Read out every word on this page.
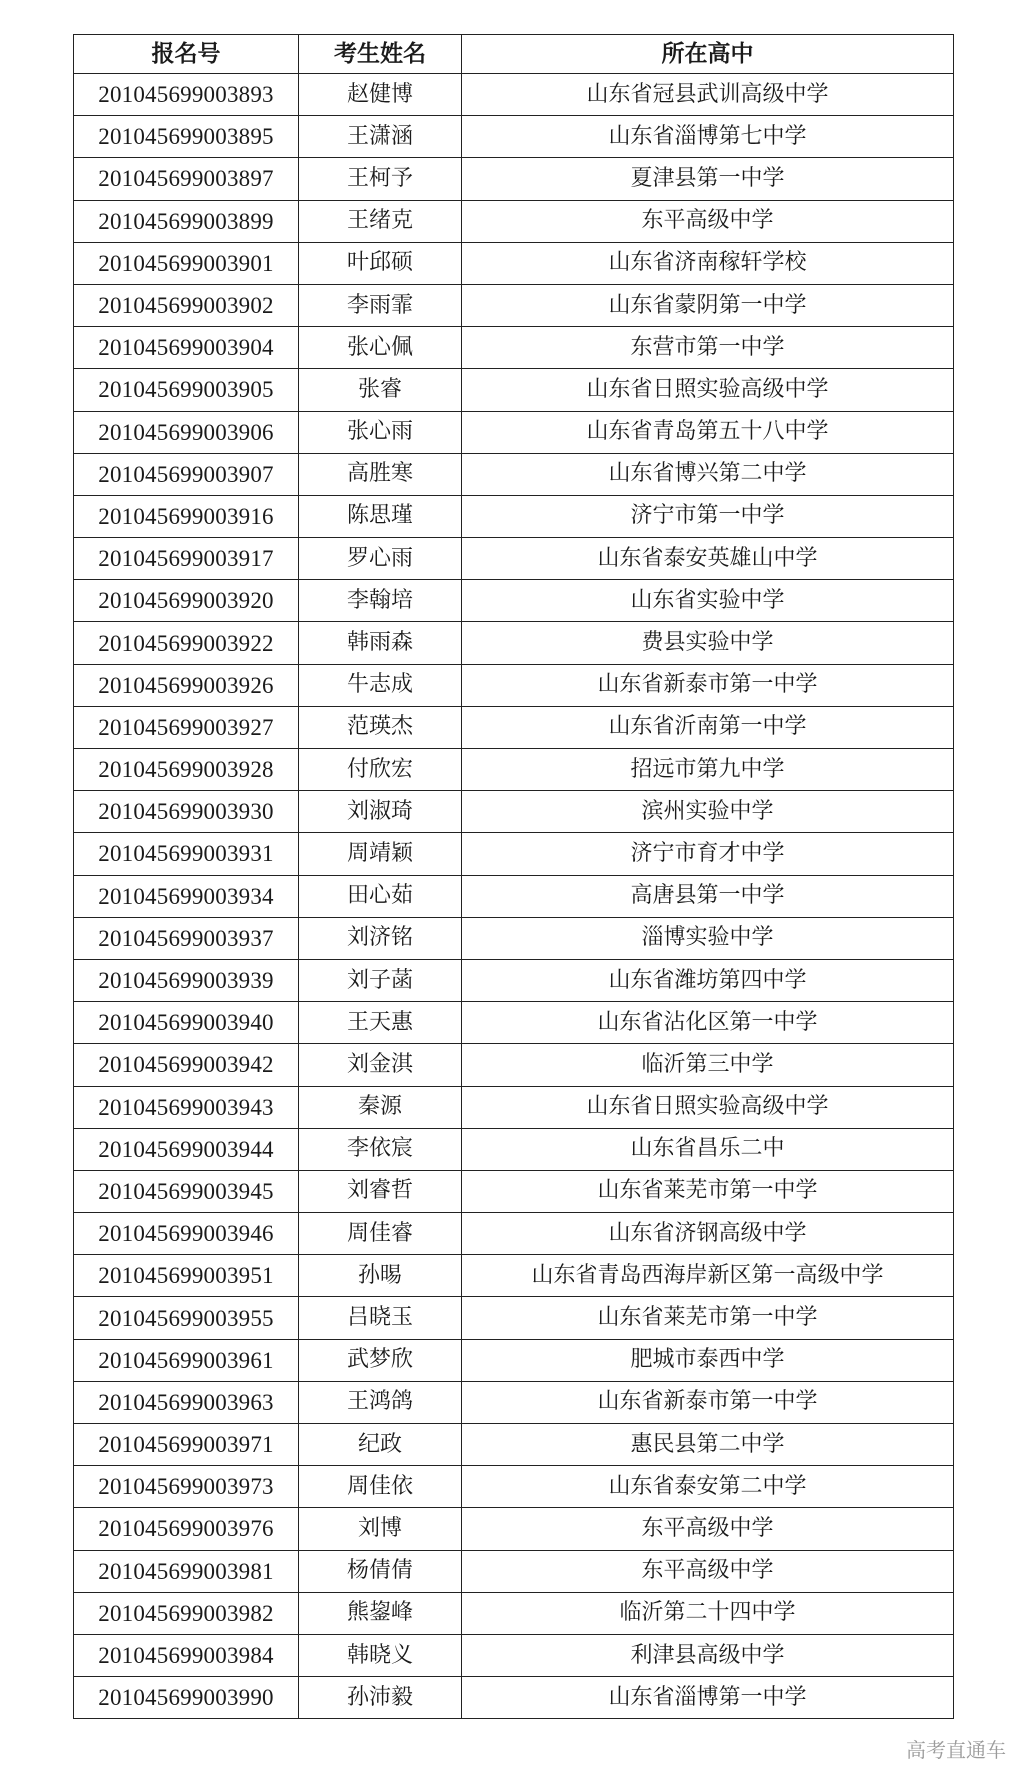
报名号	考生姓名	所在高中
201045699003893	赵健博	山东省冠县武训高级中学
201045699003895	王潇涵	山东省淄博第七中学
201045699003897	王柯予	夏津县第一中学
201045699003899	王绪克	东平高级中学
201045699003901	叶邱硕	山东省济南稼轩学校
201045699003902	李雨霏	山东省蒙阴第一中学
201045699003904	张心佩	东营市第一中学
201045699003905	张睿	山东省日照实验高级中学
201045699003906	张心雨	山东省青岛第五十八中学
201045699003907	高胜寒	山东省博兴第二中学
201045699003916	陈思瑾	济宁市第一中学
201045699003917	罗心雨	山东省泰安英雄山中学
201045699003920	李翰培	山东省实验中学
201045699003922	韩雨森	费县实验中学
201045699003926	牛志成	山东省新泰市第一中学
201045699003927	范瑛杰	山东省沂南第一中学
201045699003928	付欣宏	招远市第九中学
201045699003930	刘淑琦	滨州实验中学
201045699003931	周靖颖	济宁市育才中学
201045699003934	田心茹	高唐县第一中学
201045699003937	刘济铭	淄博实验中学
201045699003939	刘子菡	山东省潍坊第四中学
201045699003940	王天惠	山东省沾化区第一中学
201045699003942	刘金淇	临沂第三中学
201045699003943	秦源	山东省日照实验高级中学
201045699003944	李依宸	山东省昌乐二中
201045699003945	刘睿哲	山东省莱芜市第一中学
201045699003946	周佳睿	山东省济钢高级中学
201045699003951	孙晹	山东省青岛西海岸新区第一高级中学
201045699003955	吕晓玉	山东省莱芜市第一中学
201045699003961	武梦欣	肥城市泰西中学
201045699003963	王鸿鸽	山东省新泰市第一中学
201045699003971	纪政	惠民县第二中学
201045699003973	周佳依	山东省泰安第二中学
201045699003976	刘博	东平高级中学
201045699003981	杨倩倩	东平高级中学
201045699003982	熊鋆峰	临沂第二十四中学
201045699003984	韩晓义	利津县高级中学
201045699003990	孙沛毅	山东省淄博第一中学
高考直通车
